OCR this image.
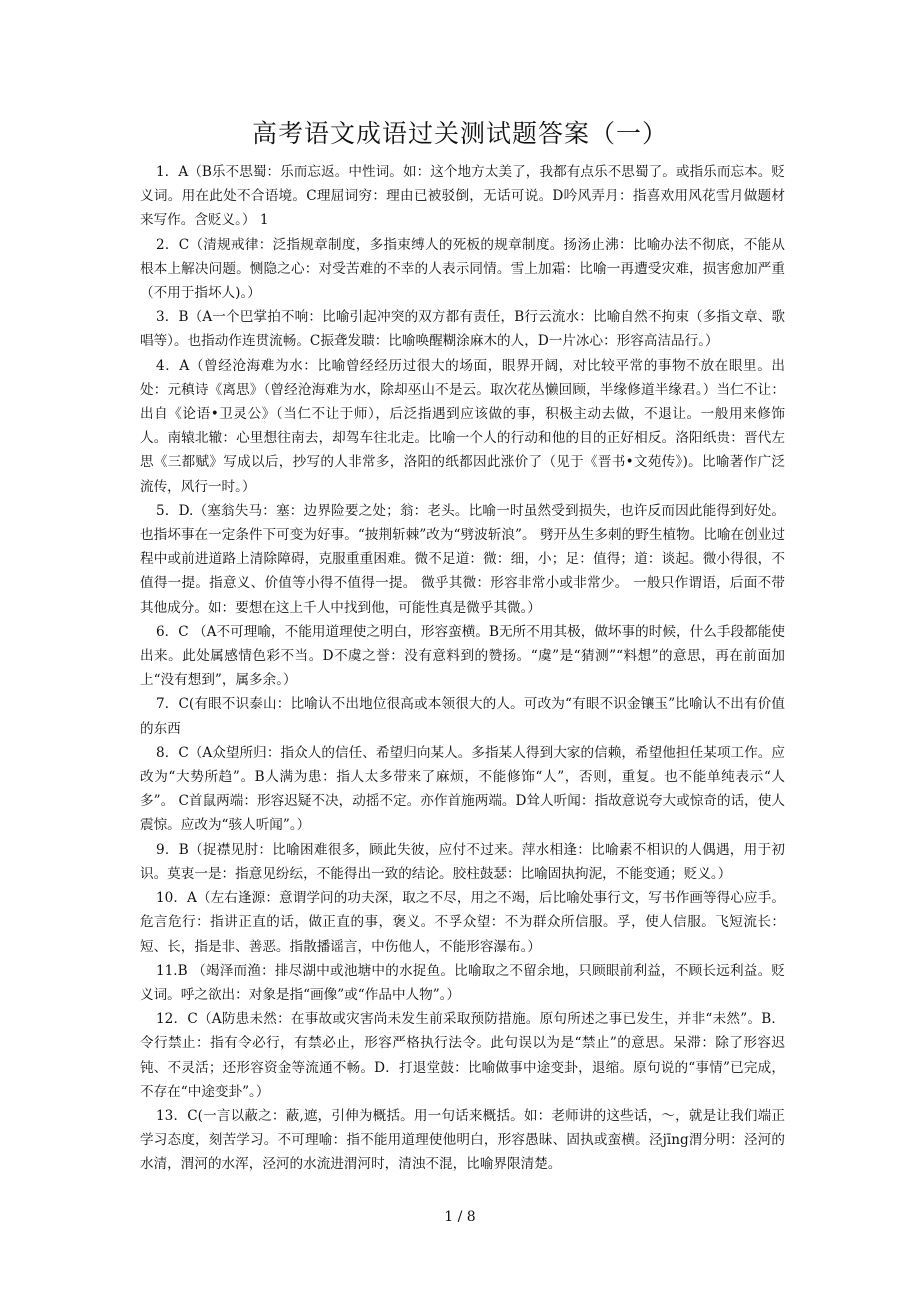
高考语文成语过关测试题答案（一）

1．A（B乐不思蜀：乐而忘返。中性词。如：这个地方太美了，我都有点乐不思蜀了。或指乐而忘本。贬义词。用在此处不合语境。C理屈词穷：理由已被驳倒，无话可说。D吟风弄月：指喜欢用风花雪月做题材来写作。含贬义。） 1

2．C（清规戒律：泛指规章制度，多指束缚人的死板的规章制度。扬汤止沸：比喻办法不彻底，不能从根本上解决问题。恻隐之心：对受苦难的不幸的人表示同情。雪上加霜：比喻一再遭受灾难，损害愈加严重（不用于指坏人)。）

3．B（A一个巴掌拍不响：比喻引起冲突的双方都有责任，B行云流水：比喻自然不拘束（多指文章、歌唱等）。也指动作连贯流畅。C振聋发聩：比喻唤醒糊涂麻木的人，D一片冰心：形容高洁品行。）

4．A（曾经沧海难为水：比喻曾经经历过很大的场面，眼界开阔，对比较平常的事物不放在眼里。出处：元稹诗《离思》（曾经沧海难为水，除却巫山不是云。取次花丛懒回顾，半缘修道半缘君。）当仁不让：出自《论语•卫灵公》（当仁不让于师），后泛指遇到应该做的事，积极主动去做，不退让。一般用来修饰人。南辕北辙：心里想往南去，却驾车往北走。比喻一个人的行动和他的目的正好相反。洛阳纸贵：晋代左思《三都赋》写成以后，抄写的人非常多，洛阳的纸都因此涨价了（见于《晋书•文苑传》)。比喻著作广泛流传，风行一时。）

5．D.（塞翁失马：塞：边界险要之处；翁：老头。比喻一时虽然受到损失，也许反而因此能得到好处。也指坏事在一定条件下可变为好事。“披荆斩棘”改为“劈波斩浪”。 劈开丛生多刺的野生植物。比喻在创业过程中或前进道路上清除障碍，克服重重困难。微不足道：微：细，小；足：值得；道：谈起。微小得很，不值得一提。指意义、价值等小得不值得一提。 微乎其微：形容非常小或非常少。 一般只作谓语，后面不带其他成分。如：要想在这上千人中找到他，可能性真是微乎其微。）

6．C （A不可理喻，不能用道理使之明白，形容蛮横。B无所不用其极，做坏事的时候，什么手段都能使出来。此处属感情色彩不当。D不虞之誉：没有意料到的赞扬。“虞”是“猜测”“料想”的意思，再在前面加上“没有想到”，属多余。）

7．C(有眼不识泰山：比喻认不出地位很高或本领很大的人。可改为“有眼不识金镶玉”比喻认不出有价值的东西

8．C（A众望所归：指众人的信任、希望归向某人。多指某人得到大家的信赖，希望他担任某项工作。应改为“大势所趋”。B人满为患：指人太多带来了麻烦，不能修饰“人”，否则，重复。也不能单纯表示“人多”。 C首鼠两端：形容迟疑不决，动摇不定。亦作首施两端。D耸人听闻：指故意说夸大或惊奇的话，使人震惊。应改为“骇人听闻”。）

9．B（捉襟见肘：比喻困难很多，顾此失彼，应付不过来。萍水相逢：比喻素不相识的人偶遇，用于初识。莫衷一是：指意见纷纭，不能得出一致的结论。胶柱鼓瑟：比喻固执拘泥，不能变通；贬义。）

10．A（左右逢源：意谓学问的功夫深，取之不尽，用之不竭，后比喻处事行文，写书作画等得心应手。危言危行：指讲正直的话，做正直的事，褒义。不孚众望：不为群众所信服。孚，使人信服。飞短流长：短、长，指是非、善恶。指散播谣言，中伤他人，不能形容瀑布。）

11.B （竭泽而渔：排尽湖中或池塘中的水捉鱼。比喻取之不留余地，只顾眼前利益，不顾长远利益。贬义词。呼之欲出：对象是指“画像”或“作品中人物”。）

12．C（A防患未然：在事故或灾害尚未发生前采取预防措施。原句所述之事已发生，并非“未然”。B．令行禁止：指有令必行，有禁必止，形容严格执行法令。此句误以为是“禁止”的意思。呆滞：除了形容迟钝、不灵活；还形容资金等流通不畅。D．打退堂鼓：比喻做事中途变卦，退缩。原句说的“事情”已完成，不存在“中途变卦”。）

13．C(一言以蔽之：蔽,遮，引伸为概括。用一句话来概括。如：老师讲的这些话，～，就是让我们端正学习态度，刻苦学习。不可理喻：指不能用道理使他明白，形容愚昧、固执或蛮横。泾jīng渭分明：泾河的水清，渭河的水浑，泾河的水流进渭河时，清浊不混，比喻界限清楚。

1 / 8
